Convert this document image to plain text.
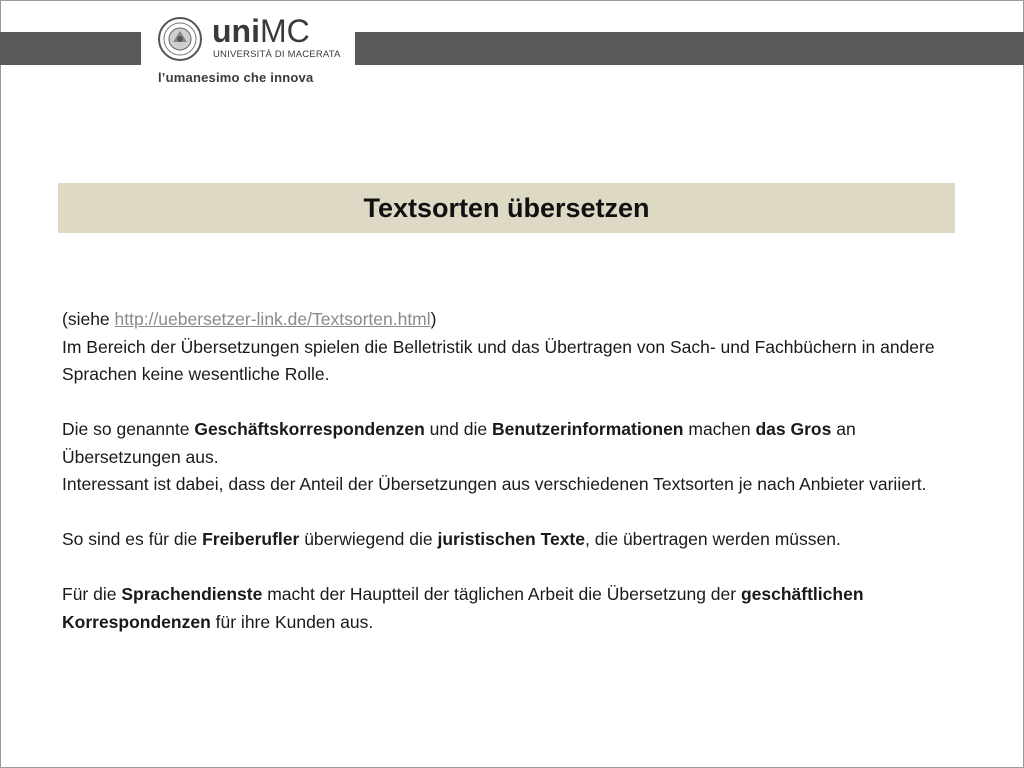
uniMC
UNIVERSITÀ DI MACERATA
l’umanesimo che innova
Textsorten übersetzen

(siehe http://uebersetzer-link.de/Textsorten.html)

Im Bereich der Übersetzungen spielen die Belletristik und das Übertragen von Sach- und Fachbüchern in andere Sprachen keine wesentliche Rolle.

Die so genannte Geschäftskorrespondenzen und die Benutzerinformationen machen das Gros an Übersetzungen aus.

Interessant ist dabei, dass der Anteil der Übersetzungen aus verschiedenen Textsorten je nach Anbieter variiert.

So sind es für die Freiberufler überwiegend die juristischen Texte, die übertragen werden müssen.

Für die Sprachendienste macht der Hauptteil der täglichen Arbeit die Übersetzung der geschäftlichen Korrespondenzen für ihre Kunden aus.
